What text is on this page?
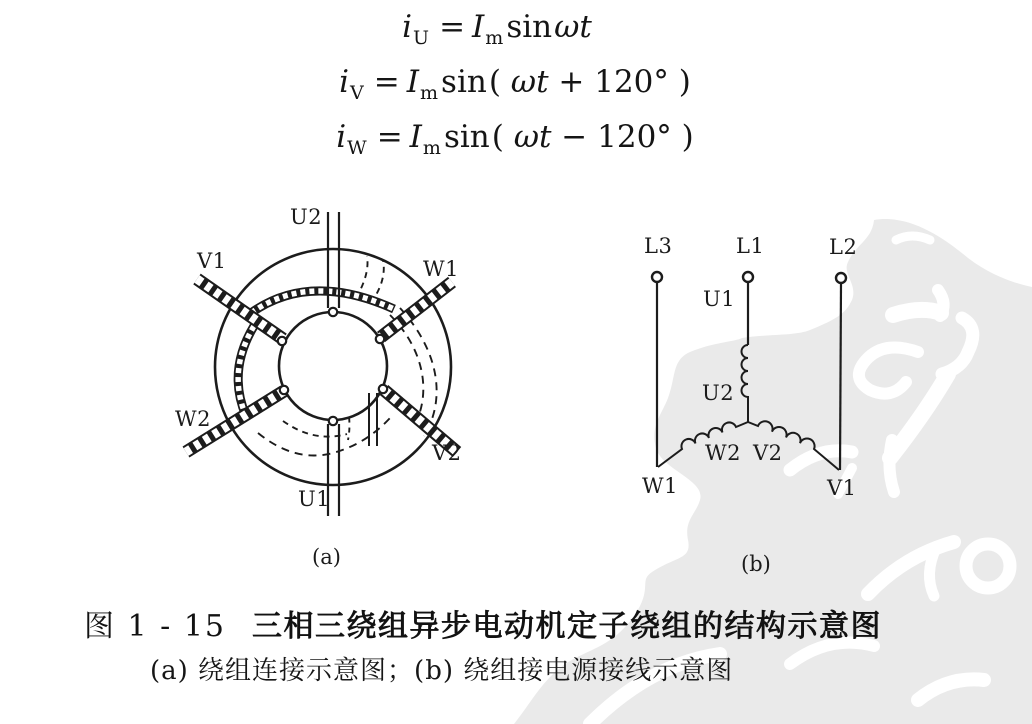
$i_U = I_m\sin\omega t$
$i_V = I_m\sin$( ωt + 120° )
$i_W = I_m\sin$( ωt − 120° )
U2
V1	W1
W2
V2
U1
(a)
L3	L1	L2
U1
U2
W2 V2
W1	V1
(b)
图 1 - 15 三相三绕组异步电动机定子绕组的结构示意图
(a) 绕组连接示意图；(b) 绕组接电源接线示意图
